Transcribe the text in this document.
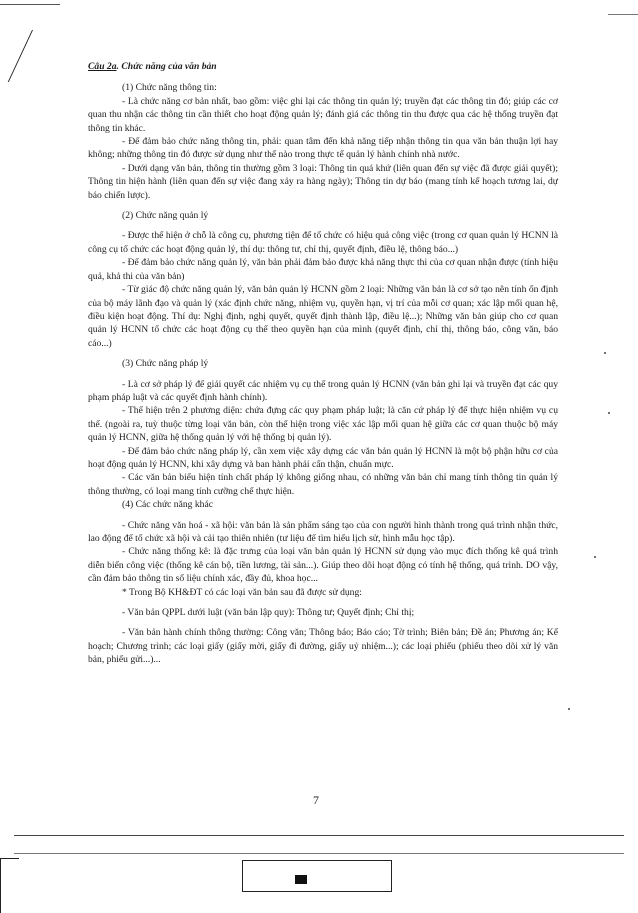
Câu 2a. Chức năng của văn bản

(1) Chức năng thông tin:

- Là chức năng cơ bản nhất, bao gồm: việc ghi lại các thông tin quản lý; truyền đạt các thông tin đó; giúp các cơ quan thu nhận các thông tin cần thiết cho hoạt động quản lý; đánh giá các thông tin thu được qua các hệ thống truyền đạt thông tin khác.

- Để đảm bảo chức năng thông tin, phải: quan tâm đến khả năng tiếp nhận thông tin qua văn bản thuận lợi hay không; những thông tin đó được sử dụng như thế nào trong thực tế quản lý hành chính nhà nước.

- Dưới dạng văn bản, thông tin thường gồm 3 loại: Thông tin quá khứ (liên quan đến sự việc đã được giải quyết); Thông tin hiện hành (liên quan đến sự việc đang xảy ra hàng ngày); Thông tin dự báo (mang tính kế hoạch tương lai, dự báo chiến lược).

(2) Chức năng quản lý

- Được thể hiện ở chỗ là công cụ, phương tiện để tổ chức có hiệu quả công việc (trong cơ quan quản lý HCNN là công cụ tổ chức các hoạt động quản lý, thí dụ: thông tư, chỉ thị, quyết định, điều lệ, thông báo...)

- Để đảm bảo chức năng quản lý, văn bản phải đảm bảo được khả năng thực thi của cơ quan nhận được (tính hiệu quả, khả thi của văn bản)

- Từ giác độ chức năng quản lý, văn bản quản lý HCNN gồm 2 loại: Những văn bản là cơ sở tạo nên tính ổn định của bộ máy lãnh đạo và quản lý (xác định chức năng, nhiệm vụ, quyền hạn, vị trí của mỗi cơ quan; xác lập mối quan hệ, điều kiện hoạt động. Thí dụ: Nghị định, nghị quyết, quyết định thành lập, điều lệ...); Những văn bản giúp cho cơ quan quản lý HCNN tổ chức các hoạt động cụ thể theo quyền hạn của mình (quyết định, chỉ thị, thông báo, công văn, báo cáo...)

(3) Chức năng pháp lý

- Là cơ sở pháp lý để giải quyết các nhiệm vụ cụ thể trong quản lý HCNN (văn bản ghi lại và truyền đạt các quy phạm pháp luật và các quyết định hành chính).

- Thể hiện trên 2 phương diện: chứa đựng các quy phạm pháp luật; là căn cứ pháp lý để thực hiện nhiệm vụ cụ thể. (ngoài ra, tuỳ thuộc từng loại văn bản, còn thể hiện trong việc xác lập mối quan hệ giữa các cơ quan thuộc bộ máy quản lý HCNN, giữa hệ thống quản lý với hệ thống bị quản lý).

- Để đảm bảo chức năng pháp lý, cần xem việc xây dựng các văn bản quản lý HCNN là một bộ phận hữu cơ của hoạt động quản lý HCNN, khi xây dựng và ban hành phải cẩn thận, chuẩn mực.

- Các văn bản biểu hiện tính chất pháp lý không giống nhau, có những văn bản chỉ mang tính thông tin quản lý thông thường, có loại mang tính cưỡng chế thực hiện.

(4) Các chức năng khác

- Chức năng văn hoá - xã hội: văn bản là sản phẩm sáng tạo của con người hình thành trong quá trình nhận thức, lao động để tổ chức xã hội và cải tạo thiên nhiên (tư liệu để tìm hiểu lịch sử, hình mẫu học tập).

- Chức năng thống kê: là đặc trưng của loại văn bản quản lý HCNN sử dụng vào mục đích thống kê quá trình diễn biến công việc (thống kê cán bộ, tiền lương, tài sản...). Giúp theo dõi hoạt động có tính hệ thống, quá trình. DO vậy, cần đảm bảo thông tin số liệu chính xác, đầy đủ, khoa học...

* Trong Bộ KH&ĐT có các loại văn bản sau đã được sử dụng:

- Văn bản QPPL dưới luật (văn bản lập quy): Thông tư; Quyết định; Chỉ thị;

- Văn bản hành chính thông thường: Công văn; Thông báo; Báo cáo; Tờ trình; Biên bản; Đề án; Phương án; Kế hoạch; Chương trình; các loại giấy (giấy mời, giấy đi đường, giấy uỷ nhiệm...); các loại phiếu (phiếu theo dõi xử lý văn bản, phiếu gửi...)...

7
